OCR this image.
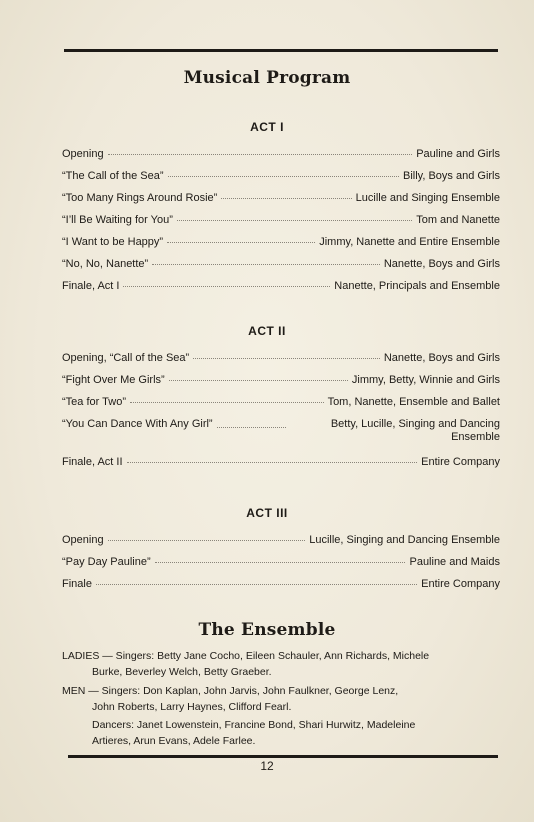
Musical Program
ACT I
Opening	Pauline and Girls
“The Call of the Sea”	Billy, Boys and Girls
“Too Many Rings Around Rosie”	Lucille and Singing Ensemble
“I’ll Be Waiting for You”	Tom and Nanette
“I Want to be Happy”	Jimmy, Nanette and Entire Ensemble
“No, No, Nanette”	Nanette, Boys and Girls
Finale, Act I	Nanette, Principals and Ensemble
ACT II
Opening, “Call of the Sea”	Nanette, Boys and Girls
“Fight Over Me Girls”	Jimmy, Betty, Winnie and Girls
“Tea for Two”	Tom, Nanette, Ensemble and Ballet
“You Can Dance With Any Girl”	Betty, Lucille, Singing and Dancing Ensemble
Finale, Act II	Entire Company
ACT III
Opening	Lucille, Singing and Dancing Ensemble
“Pay Day Pauline”	Pauline and Maids
Finale	Entire Company
The Ensemble
LADIES — Singers: Betty Jane Cocho, Eileen Schauler, Ann Richards, Michele
Burke, Beverley Welch, Betty Graeber.
MEN — Singers: Don Kaplan, John Jarvis, John Faulkner, George Lenz,
John Roberts, Larry Haynes, Clifford Fearl.
Dancers: Janet Lowenstein, Francine Bond, Shari Hurwitz, Madeleine
Artieres, Arun Evans, Adele Farlee.
12
